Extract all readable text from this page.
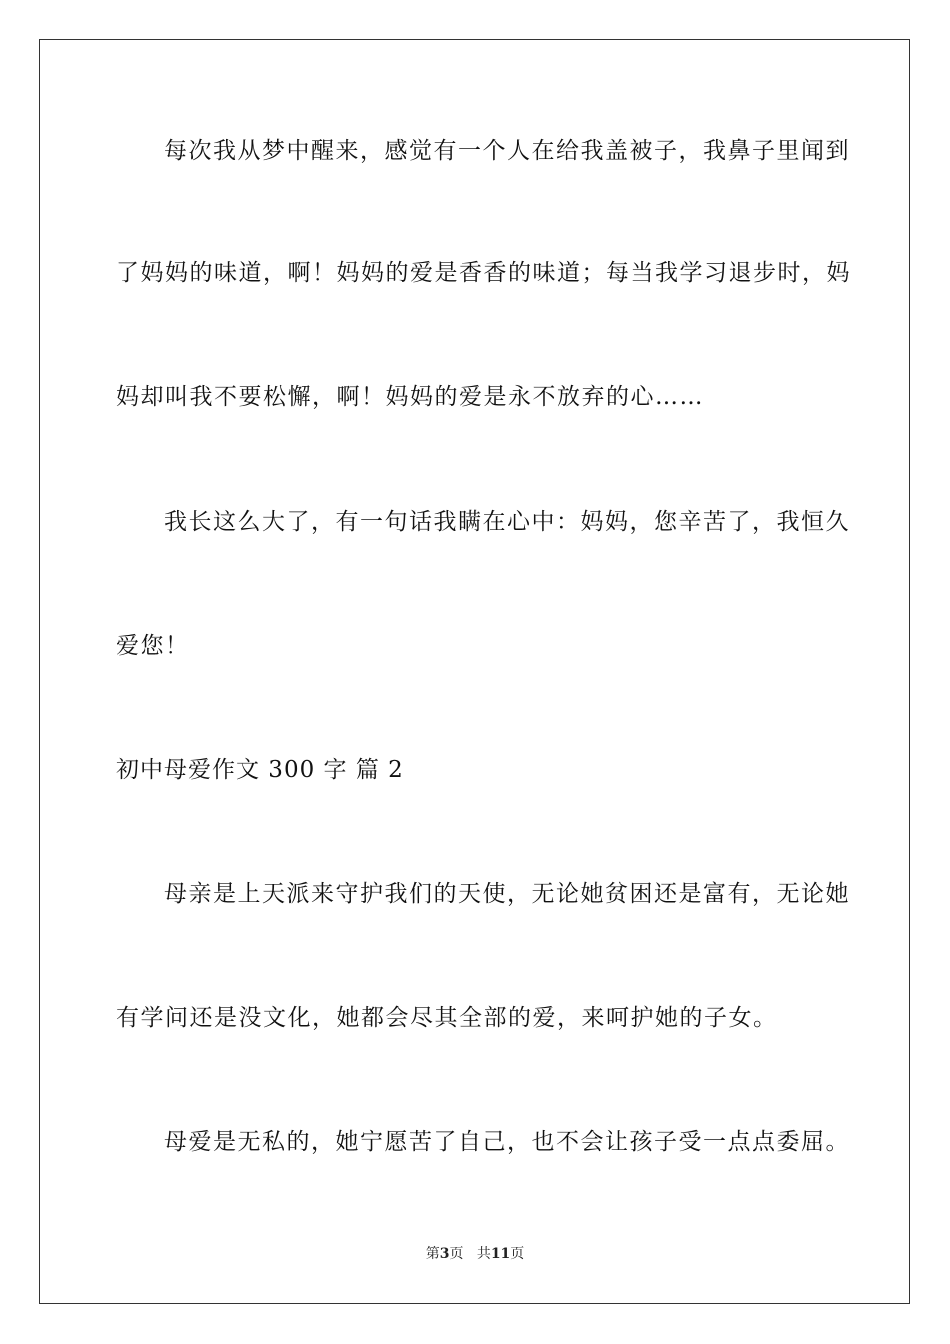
每次我从梦中醒来，感觉有一个人在给我盖被子，我鼻子里闻到
了妈妈的味道，啊！妈妈的爱是香香的味道；每当我学习退步时，妈
妈却叫我不要松懈，啊！妈妈的爱是永不放弃的心……
我长这么大了，有一句话我瞒在心中：妈妈，您辛苦了，我恒久
爱您！
初中母爱作文 300 字 篇 2
母亲是上天派来守护我们的天使，无论她贫困还是富有，无论她
有学问还是没文化，她都会尽其全部的爱，来呵护她的子女。
母爱是无私的，她宁愿苦了自己，也不会让孩子受一点点委屈。
第3页 共11页
